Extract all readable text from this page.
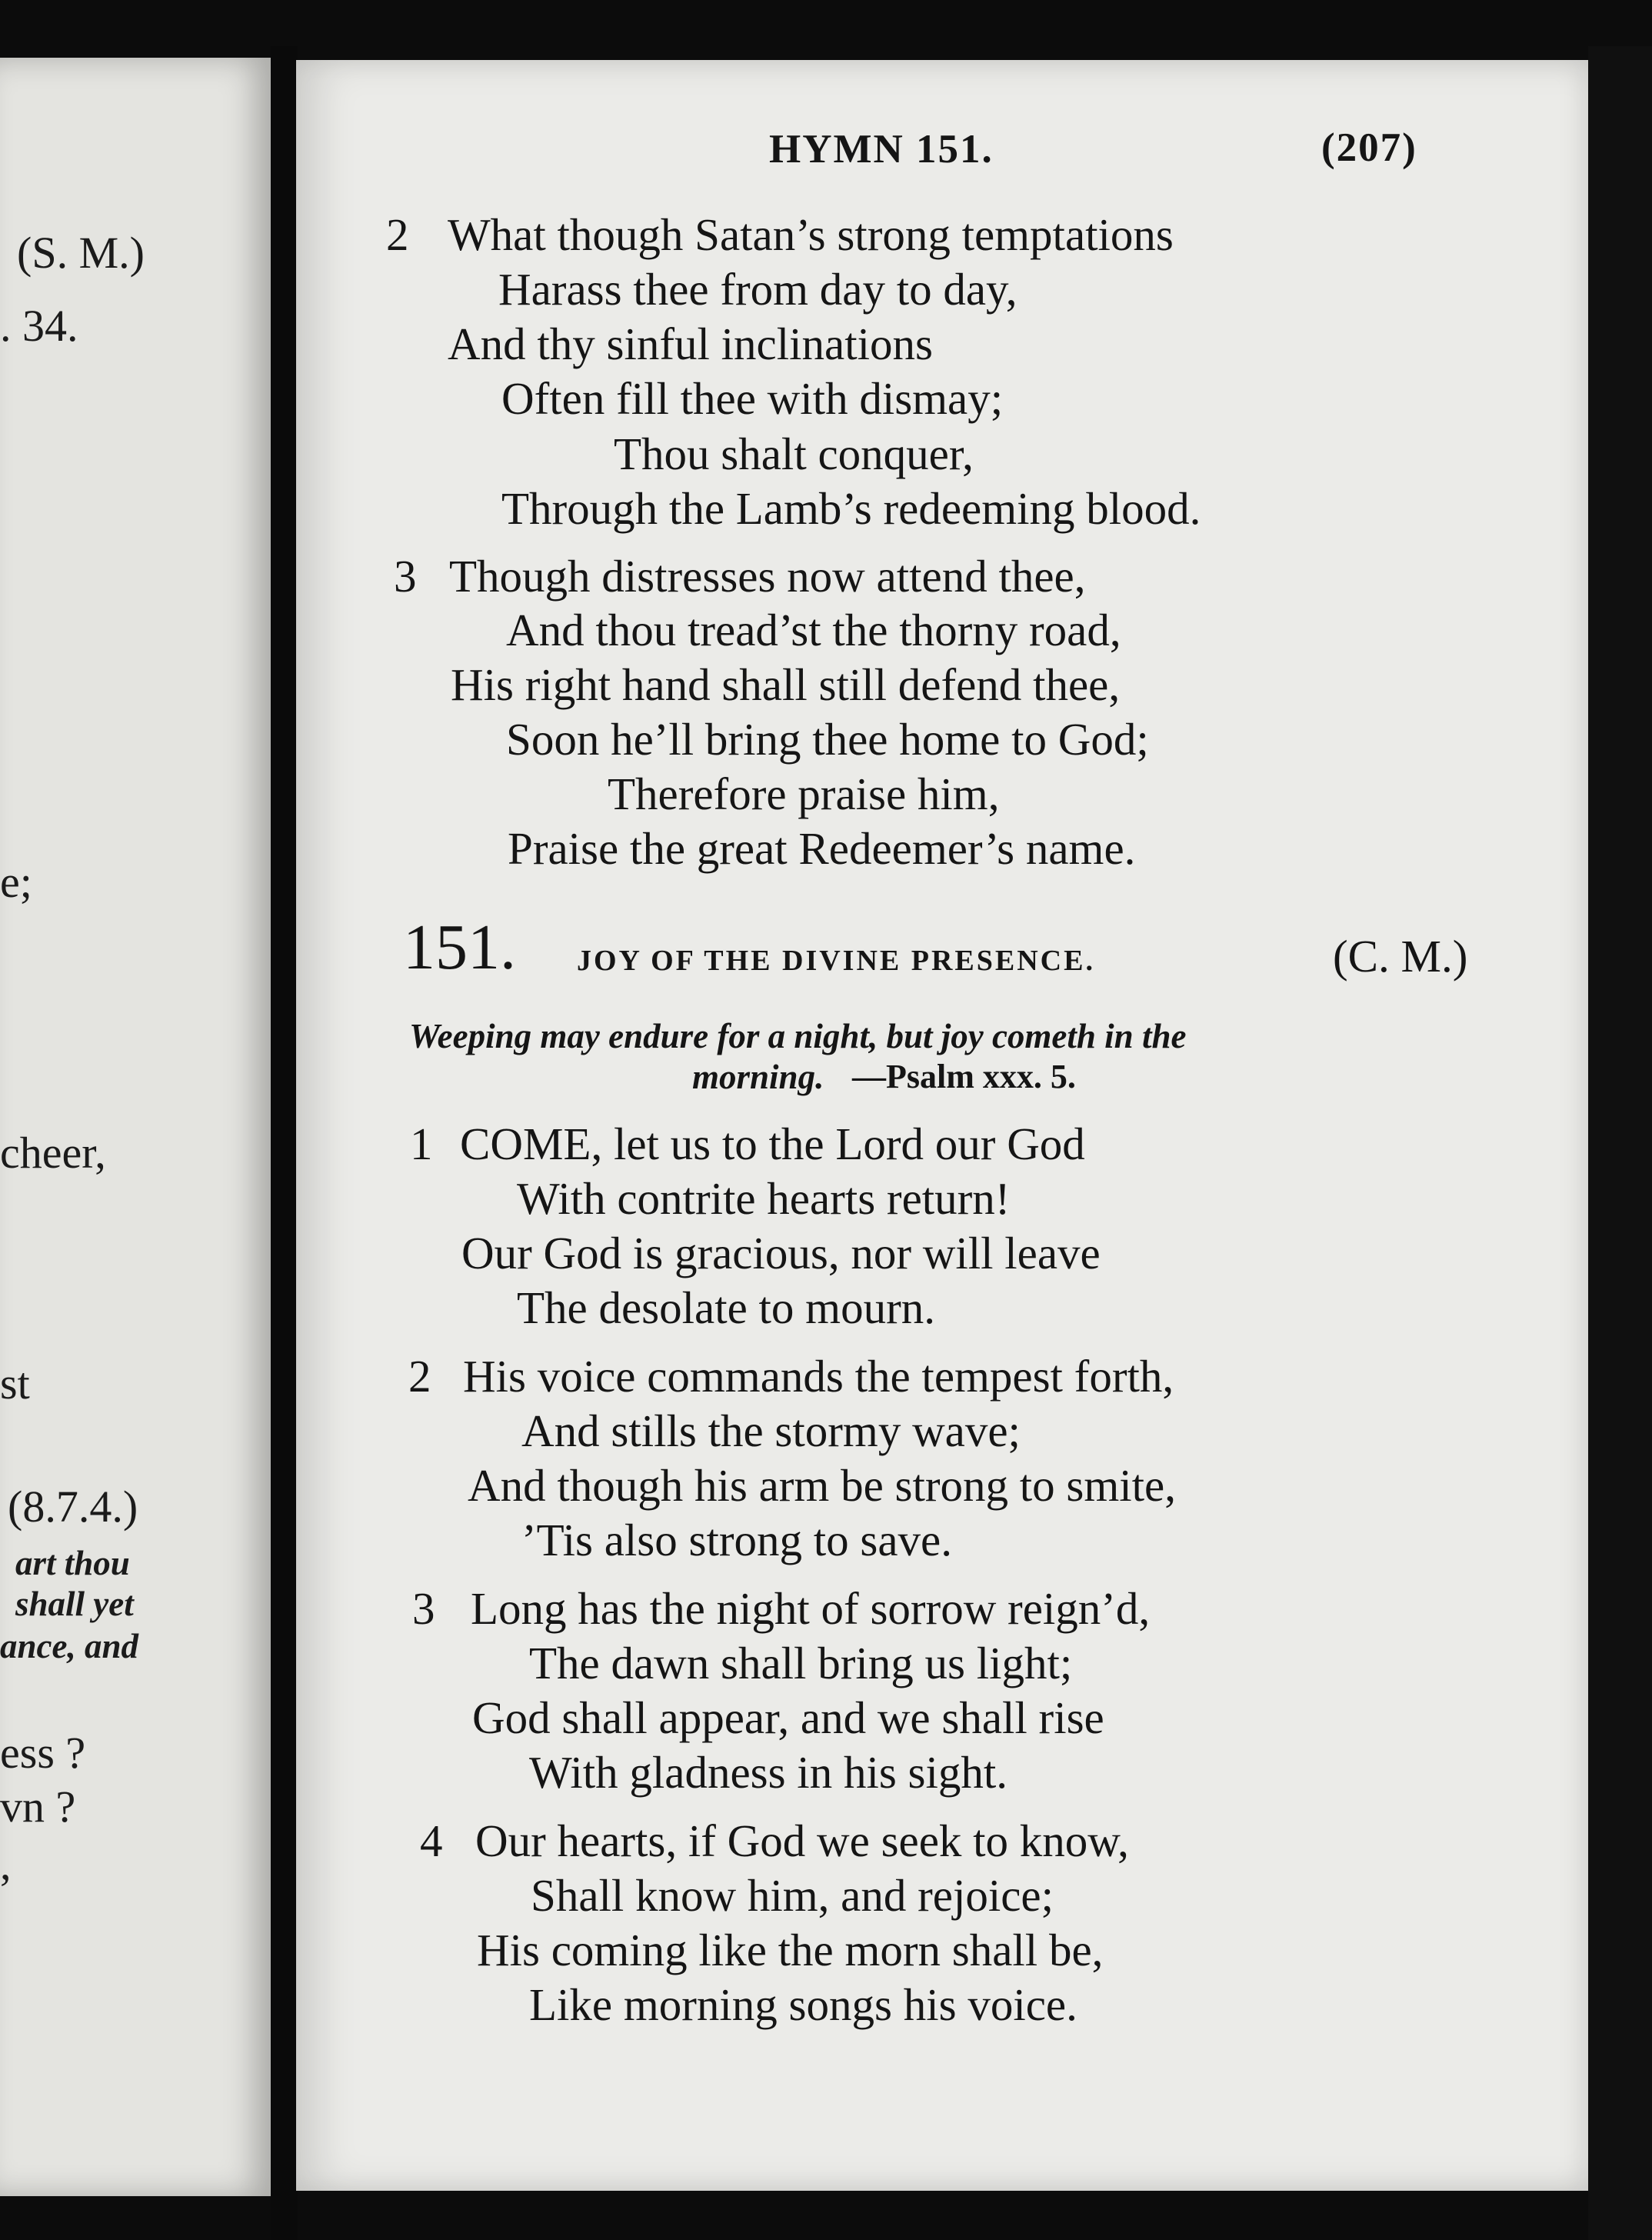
(S. M.)

. 34.

e;

cheer,

st

(8.7.4.)

art thou

shall yet

ance, and

ess ?

vn ?

,

HYMN 151.	(207)

2 What though Satan’s strong temptations

Harass thee from day to day,

And thy sinful inclinations

Often fill thee with dismay;

Thou shalt conquer,

Through the Lamb’s redeeming blood.

3 Though distresses now attend thee,

And thou tread’st the thorny road,

His right hand shall still defend thee,

Soon he’ll bring thee home to God;

Therefore praise him,

Praise the great Redeemer’s name.

151. JOY OF THE DIVINE PRESENCE.	(C. M.)

Weeping may endure for a night, but joy cometh in the

morning. —Psalm xxx. 5.

1 COME, let us to the Lord our God

With contrite hearts return!

Our God is gracious, nor will leave

The desolate to mourn.

2 His voice commands the tempest forth,

And stills the stormy wave;

And though his arm be strong to smite,

’Tis also strong to save.

3 Long has the night of sorrow reign’d,

The dawn shall bring us light;

God shall appear, and we shall rise

With gladness in his sight.

4 Our hearts, if God we seek to know,

Shall know him, and rejoice;

His coming like the morn shall be,

Like morning songs his voice.
